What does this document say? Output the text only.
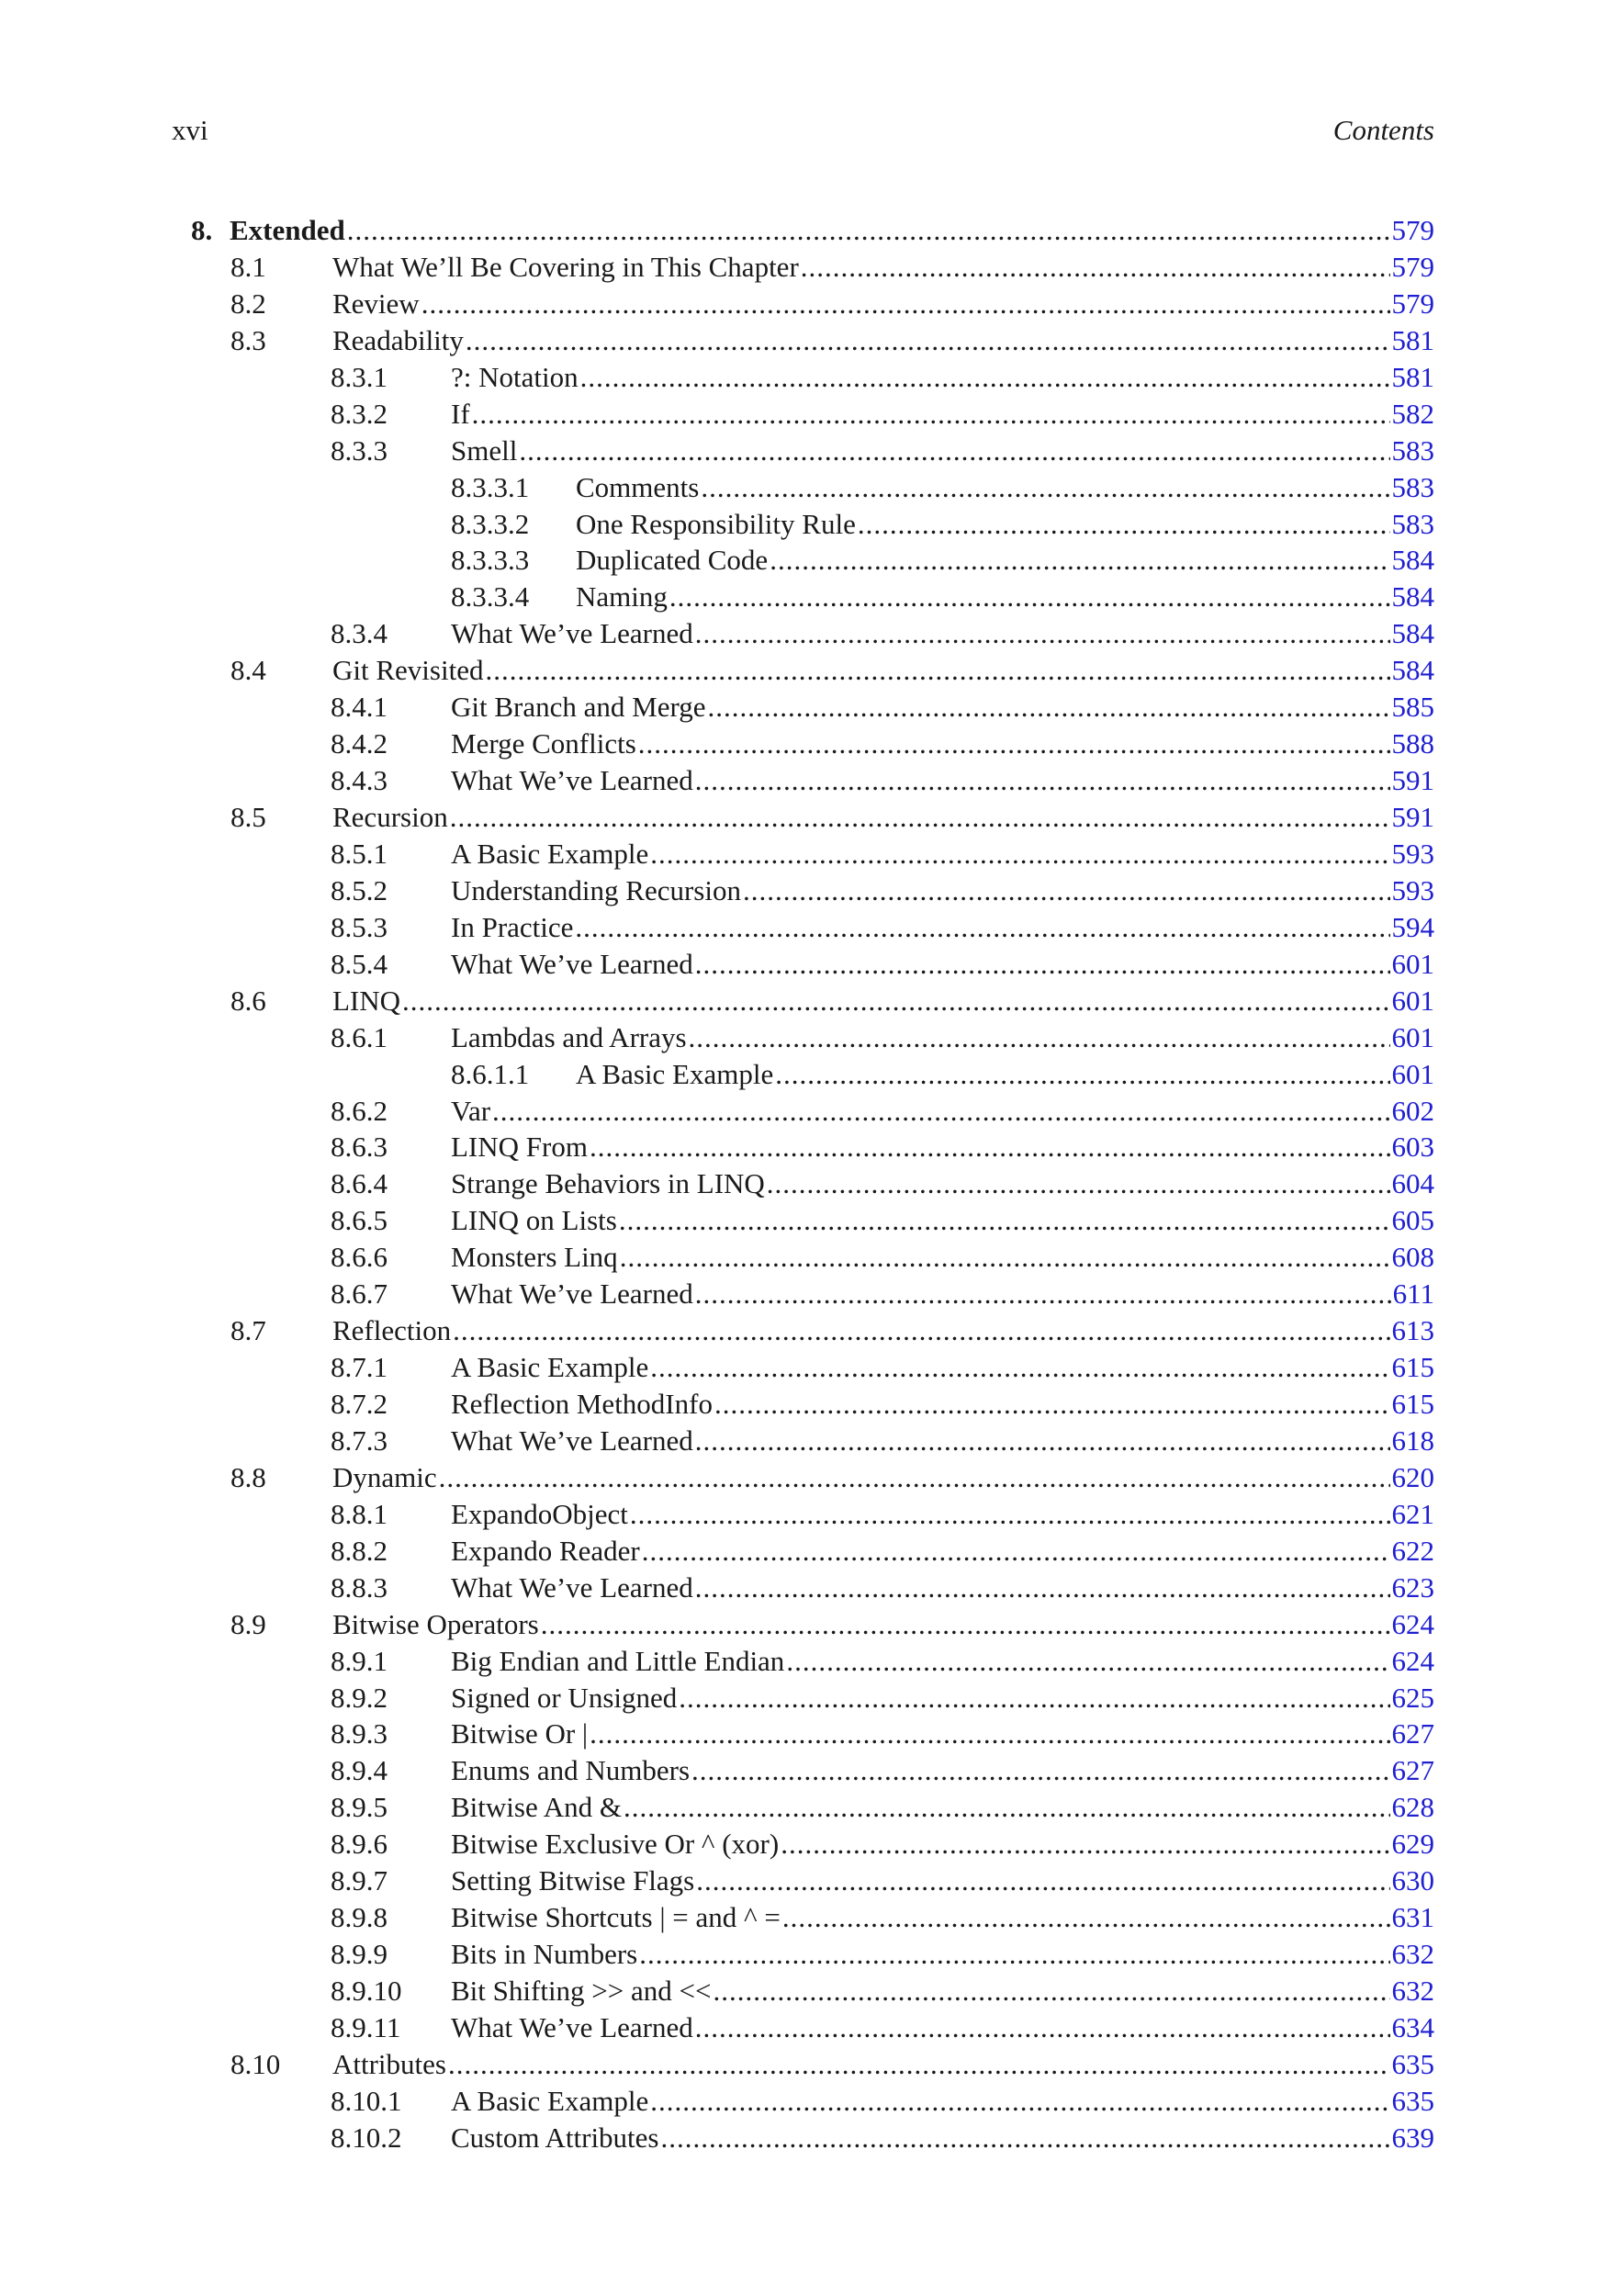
xvi	Contents
8. Extended .....	579
8.1 What We’ll Be Covering in This Chapter .....	579
8.2 Review .....	579
8.3 Readability .....	581
8.3.1 ?: Notation .....	581
8.3.2 If .....	582
8.3.3 Smell .....	583
8.3.3.1 Comments .....	583
8.3.3.2 One Responsibility Rule .....	583
8.3.3.3 Duplicated Code .....	584
8.3.3.4 Naming .....	584
8.3.4 What We’ve Learned .....	584
8.4 Git Revisited .....	584
8.4.1 Git Branch and Merge .....	585
8.4.2 Merge Conflicts .....	588
8.4.3 What We’ve Learned .....	591
8.5 Recursion .....	591
8.5.1 A Basic Example .....	593
8.5.2 Understanding Recursion .....	593
8.5.3 In Practice .....	594
8.5.4 What We’ve Learned .....	601
8.6 LINQ .....	601
8.6.1 Lambdas and Arrays .....	601
8.6.1.1 A Basic Example .....	601
8.6.2 Var .....	602
8.6.3 LINQ From .....	603
8.6.4 Strange Behaviors in LINQ .....	604
8.6.5 LINQ on Lists .....	605
8.6.6 Monsters Linq .....	608
8.6.7 What We’ve Learned .....	611
8.7 Reflection .....	613
8.7.1 A Basic Example .....	615
8.7.2 Reflection MethodInfo .....	615
8.7.3 What We’ve Learned .....	618
8.8 Dynamic .....	620
8.8.1 ExpandoObject .....	621
8.8.2 Expando Reader .....	622
8.8.3 What We’ve Learned .....	623
8.9 Bitwise Operators .....	624
8.9.1 Big Endian and Little Endian .....	624
8.9.2 Signed or Unsigned .....	625
8.9.3 Bitwise Or | .....	627
8.9.4 Enums and Numbers .....	627
8.9.5 Bitwise And & .....	628
8.9.6 Bitwise Exclusive Or ^ (xor) .....	629
8.9.7 Setting Bitwise Flags .....	630
8.9.8 Bitwise Shortcuts | = and ^ = .....	631
8.9.9 Bits in Numbers .....	632
8.9.10 Bit Shifting >> and << .....	632
8.9.11 What We’ve Learned .....	634
8.10 Attributes .....	635
8.10.1 A Basic Example .....	635
8.10.2 Custom Attributes .....	639
